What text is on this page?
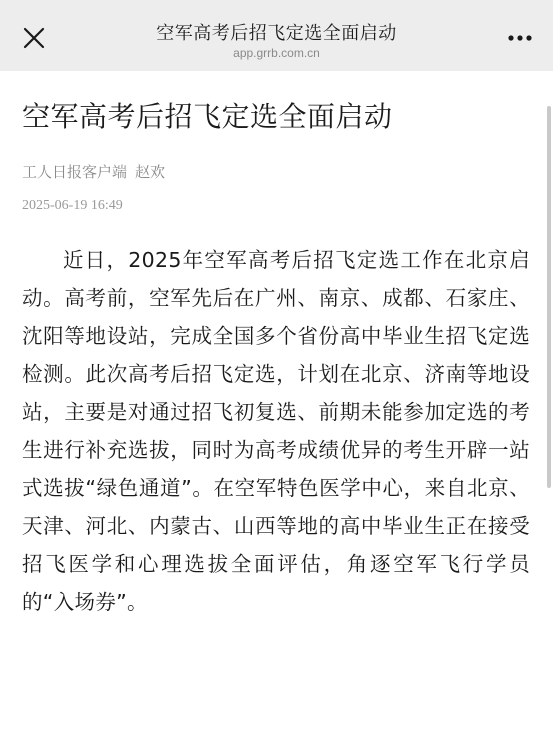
空军高考后招飞定选全面启动
app.grrb.com.cn
空军高考后招飞定选全面启动
工人日报客户端 赵欢
2025-06-19 16:49

近日，2025年空军高考后招飞定选工作在北京启动。高考前，空军先后在广州、南京、成都、石家庄、沈阳等地设站，完成全国多个省份高中毕业生招飞定选检测。此次高考后招飞定选，计划在北京、济南等地设站，主要是对通过招飞初复选、前期未能参加定选的考生进行补充选拔，同时为高考成绩优异的考生开辟一站式选拔“绿色通道”。在空军特色医学中心，来自北京、天津、河北、内蒙古、山西等地的高中毕业生正在接受招飞医学和心理选拔全面评估，角逐空军飞行学员的“入场券”。
